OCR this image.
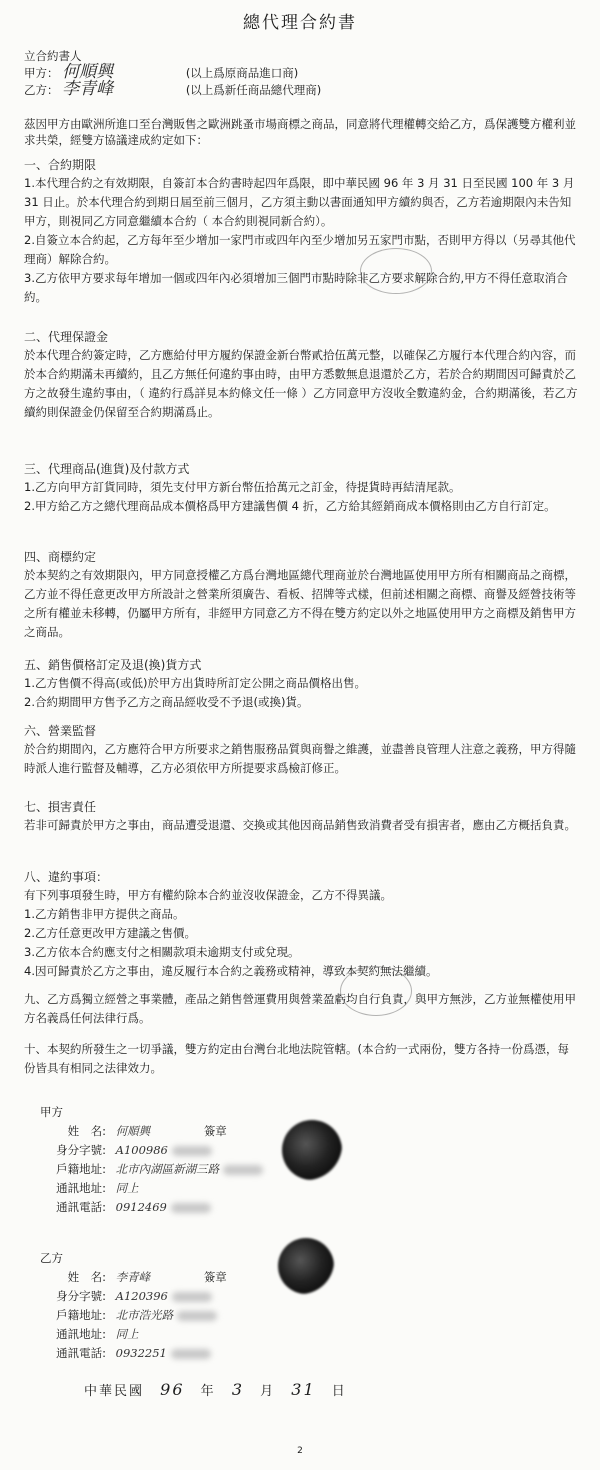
總代理合約書
立合約書人
甲方： 何順興	(以上爲原商品進口商)
乙方： 李青峰	(以上爲新任商品總代理商)
茲因甲方由歐洲所進口至台灣販售之歐洲跳蚤市場商標之商品，同意將代理權轉交給乙方，爲保護雙方權利並求共榮，經雙方協議達成約定如下：
一、合約期限

1.本代理合約之有效期限，自簽訂本合約書時起四年爲限，即中華民國 96 年 3 月 31 日至民國 100 年 3 月 31 日止。於本代理合約到期日屆至前三個月，乙方須主動以書面通知甲方續約與否，乙方若逾期限內未告知甲方，則視同乙方同意繼續本合約（ 本合約則視同新合約）。

2.自簽立本合約起，乙方每年至少增加一家門市或四年內至少增加另五家門市點，否則甲方得以（另尋其他代理商）解除合約。

3.乙方依甲方要求每年增加一個或四年內必須增加三個門市點時除非乙方要求解除合約,甲方不得任意取消合約。

二、代理保證金

於本代理合約簽定時，乙方應給付甲方履約保證金新台幣貳拾伍萬元整，以確保乙方履行本代理合約內容，而於本合約期滿未再續約，且乙方無任何違約事由時，由甲方悉數無息退還於乙方，若於合約期間因可歸責於乙方之故發生違約事由，（ 違約行爲詳見本約條文任一條 ）乙方同意甲方沒收全數違約金，合約期滿後，若乙方續約則保證金仍保留至合約期滿爲止。

三、代理商品(進貨)及付款方式

1.乙方向甲方訂貨同時，須先支付甲方新台幣伍拾萬元之訂金，待提貨時再結清尾款。

2.甲方給乙方之總代理商品成本價格爲甲方建議售價 4 折，乙方給其經銷商成本價格則由乙方自行訂定。

四、商標約定

於本契約之有效期限內，甲方同意授權乙方爲台灣地區總代理商並於台灣地區使用甲方所有相關商品之商標，乙方並不得任意更改甲方所設計之營業所須廣告、看板、招牌等式樣，但前述相關之商標、商譽及經營技術等之所有權並未移轉，仍屬甲方所有，非經甲方同意乙方不得在雙方約定以外之地區使用甲方之商標及銷售甲方之商品。

五、銷售價格訂定及退(換)貨方式

1.乙方售價不得高(或低)於甲方出貨時所訂定公開之商品價格出售。

2.合約期間甲方售予乙方之商品經收受不予退(或換)貨。

六、營業監督

於合約期間內，乙方應符合甲方所要求之銷售服務品質與商譽之維護，並盡善良管理人注意之義務，甲方得隨時派人進行監督及輔導，乙方必須依甲方所提要求爲檢訂修正。

七、損害責任

若非可歸責於甲方之事由，商品遭受退還、交換或其他因商品銷售致消費者受有損害者，應由乙方概括負責。

八、違約事項：

有下列事項發生時，甲方有權約除本合約並沒收保證金，乙方不得異議。

1.乙方銷售非甲方提供之商品。

2.乙方任意更改甲方建議之售價。

3.乙方依本合約應支付之相關款項未逾期支付或兌現。

4.因可歸責於乙方之事由，違反履行本合約之義務或精神，導致本契約無法繼續。

九、乙方爲獨立經營之事業體，產品之銷售營運費用與營業盈虧均自行負責，與甲方無涉，乙方並無權使用甲方名義爲任何法律行爲。

十、本契約所發生之一切爭議，雙方約定由台灣台北地法院管轄。(本合約一式兩份，雙方各持一份爲憑，每份皆具有相同之法律效力。

甲方
姓　名: 何順興	簽章
身分字號: A100986
戶籍地址: 北市內湖區新湖三路
通訊地址: 同上
通訊電話: 0912469
乙方
姓　名: 李青峰	簽章
身分字號: A120396
戶籍地址: 北市浩光路
通訊地址: 同上
通訊電話: 0932251
中華民國 96 年 3 月 31 日
2
